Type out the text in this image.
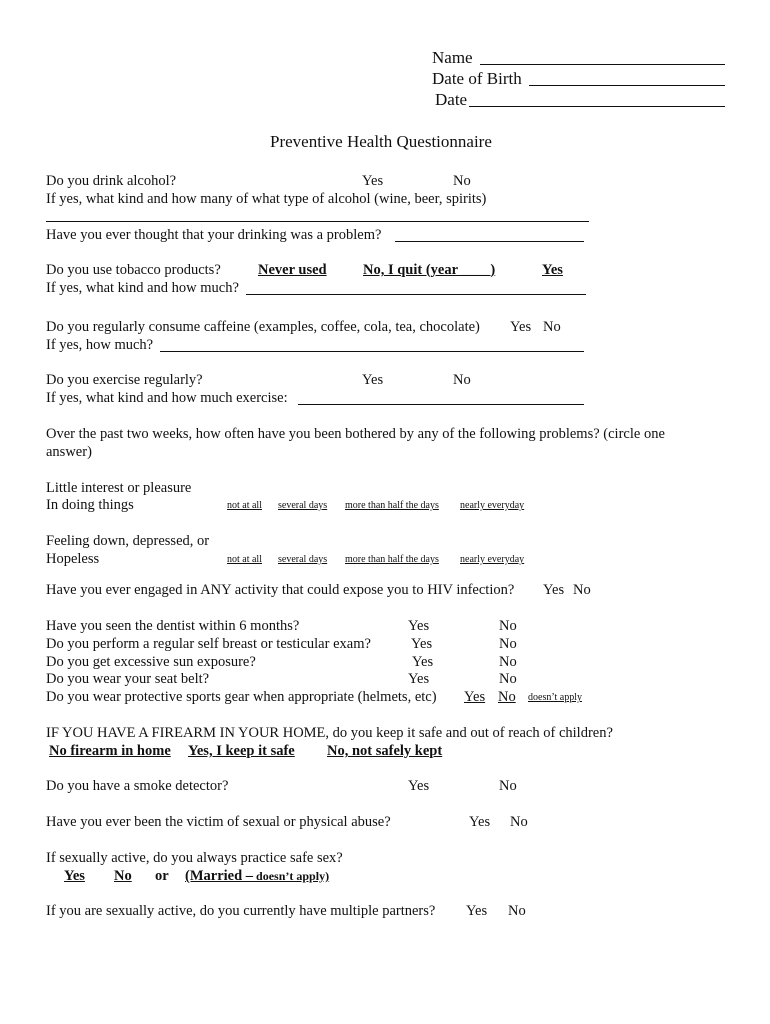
Name
Date of Birth
Date
Preventive Health Questionnaire
Do you drink alcohol?	Yes	No
If yes, what kind and how many of what type of alcohol (wine, beer, spirits)
Have you ever thought that your drinking was a problem?
Do you use tobacco products?	Never used	No, I quit (year ____)	Yes
If yes, what kind and how much?
Do you regularly consume caffeine (examples, coffee, cola, tea, chocolate) Yes No
If yes, how much?
Do you exercise regularly?	Yes	No
If yes, what kind and how much exercise:
Over the past two weeks, how often have you been bothered by any of the following problems? (circle one
answer)
Little interest or pleasure
In doing things	not at all several days more than half the days nearly everyday
Feeling down, depressed, or
Hopeless	not at all several days more than half the days nearly everyday
Have you ever engaged in ANY activity that could expose you to HIV infection? Yes No
Have you seen the dentist within 6 months?	Yes	No
Do you perform a regular self breast or testicular exam?	Yes	No
Do you get excessive sun exposure?	Yes	No
Do you wear your seat belt?	Yes	No
Do you wear protective sports gear when appropriate (helmets, etc) Yes No doesn’t apply
IF YOU HAVE A FIREARM IN YOUR HOME, do you keep it safe and out of reach of children?
No firearm in home Yes, I keep it safe No, not safely kept
Do you have a smoke detector?	Yes	No
Have you ever been the victim of sexual or physical abuse?	Yes No
If sexually active, do you always practice safe sex?
Yes No or (Married – doesn’t apply)
If you are sexually active, do you currently have multiple partners? Yes No
